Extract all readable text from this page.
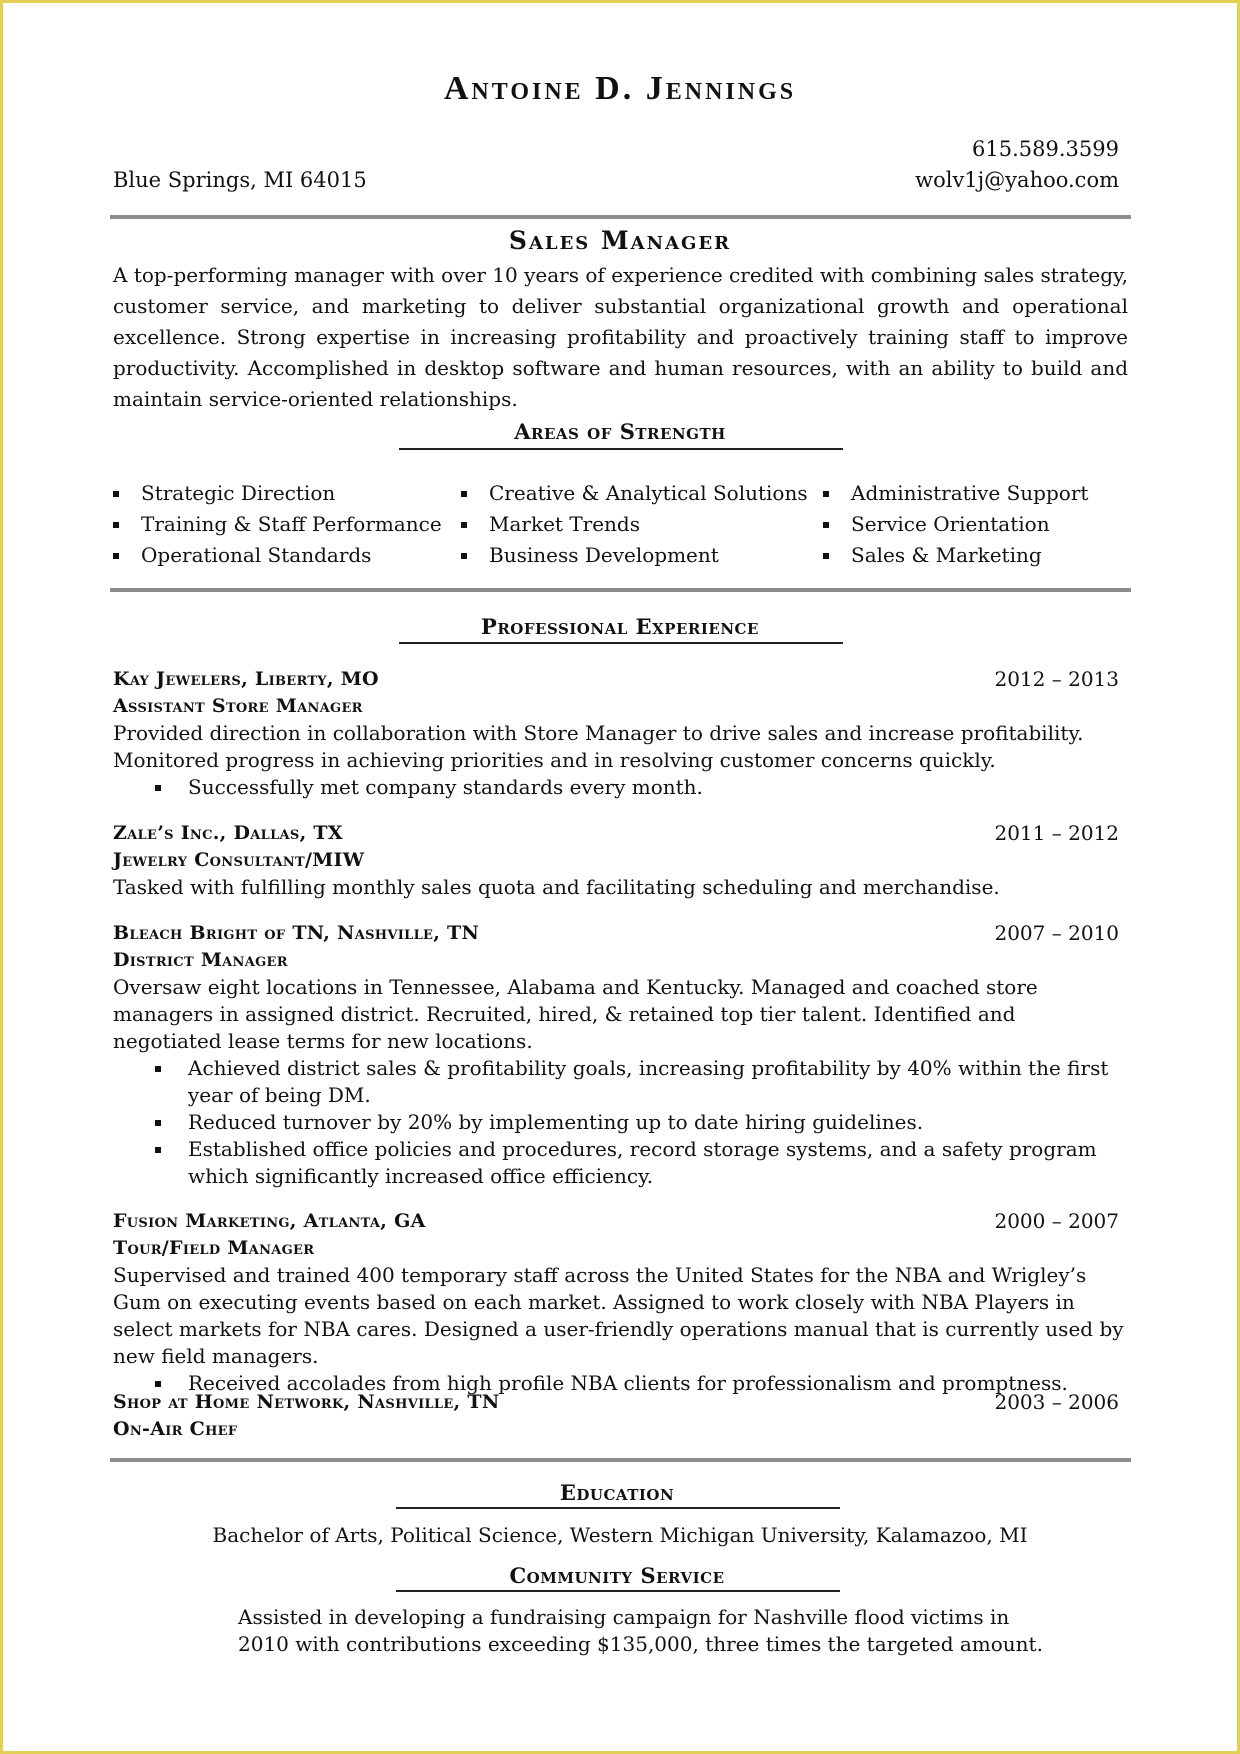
Antoine D. Jennings
615.589.3599
Blue Springs, MI 64015	wolv1j@yahoo.com
Sales Manager
A top-performing manager with over 10 years of experience credited with combining sales strategy, customer service, and marketing to deliver substantial organizational growth and operational excellence. Strong expertise in increasing profitability and proactively training staff to improve productivity. Accomplished in desktop software and human resources, with an ability to build and maintain service-oriented relationships.
Areas of Strength
Strategic Direction
Training & Staff Performance
Operational Standards
Creative & Analytical Solutions
Market Trends
Business Development
Administrative Support
Service Orientation
Sales & Marketing
Professional Experience
Kay Jewelers, Liberty, MO	2012 – 2013
Assistant Store Manager

Provided direction in collaboration with Store Manager to drive sales and increase profitability. Monitored progress in achieving priorities and in resolving customer concerns quickly.

Successfully met company standards every month.
Zale’s Inc., Dallas, TX	2011 – 2012
Jewelry Consultant/MIW

Tasked with fulfilling monthly sales quota and facilitating scheduling and merchandise.

Bleach Bright of TN, Nashville, TN	2007 – 2010
District Manager

Oversaw eight locations in Tennessee, Alabama and Kentucky. Managed and coached store managers in assigned district. Recruited, hired, & retained top tier talent. Identified and negotiated lease terms for new locations.

Achieved district sales & profitability goals, increasing profitability by 40% within the first year of being DM.
Reduced turnover by 20% by implementing up to date hiring guidelines.
Established office policies and procedures, record storage systems, and a safety program which significantly increased office efficiency.
Fusion Marketing, Atlanta, GA	2000 – 2007
Tour/Field Manager

Supervised and trained 400 temporary staff across the United States for the NBA and Wrigley’s Gum on executing events based on each market. Assigned to work closely with NBA Players in select markets for NBA cares. Designed a user-friendly operations manual that is currently used by new field managers.

Received accolades from high profile NBA clients for professionalism and promptness.
Shop at Home Network, Nashville, TN	2003 – 2006
On-Air Chef
Education
Bachelor of Arts, Political Science, Western Michigan University, Kalamazoo, MI
Community Service
Assisted in developing a fundraising campaign for Nashville flood victims in 2010 with contributions exceeding $135,000, three times the targeted amount.
